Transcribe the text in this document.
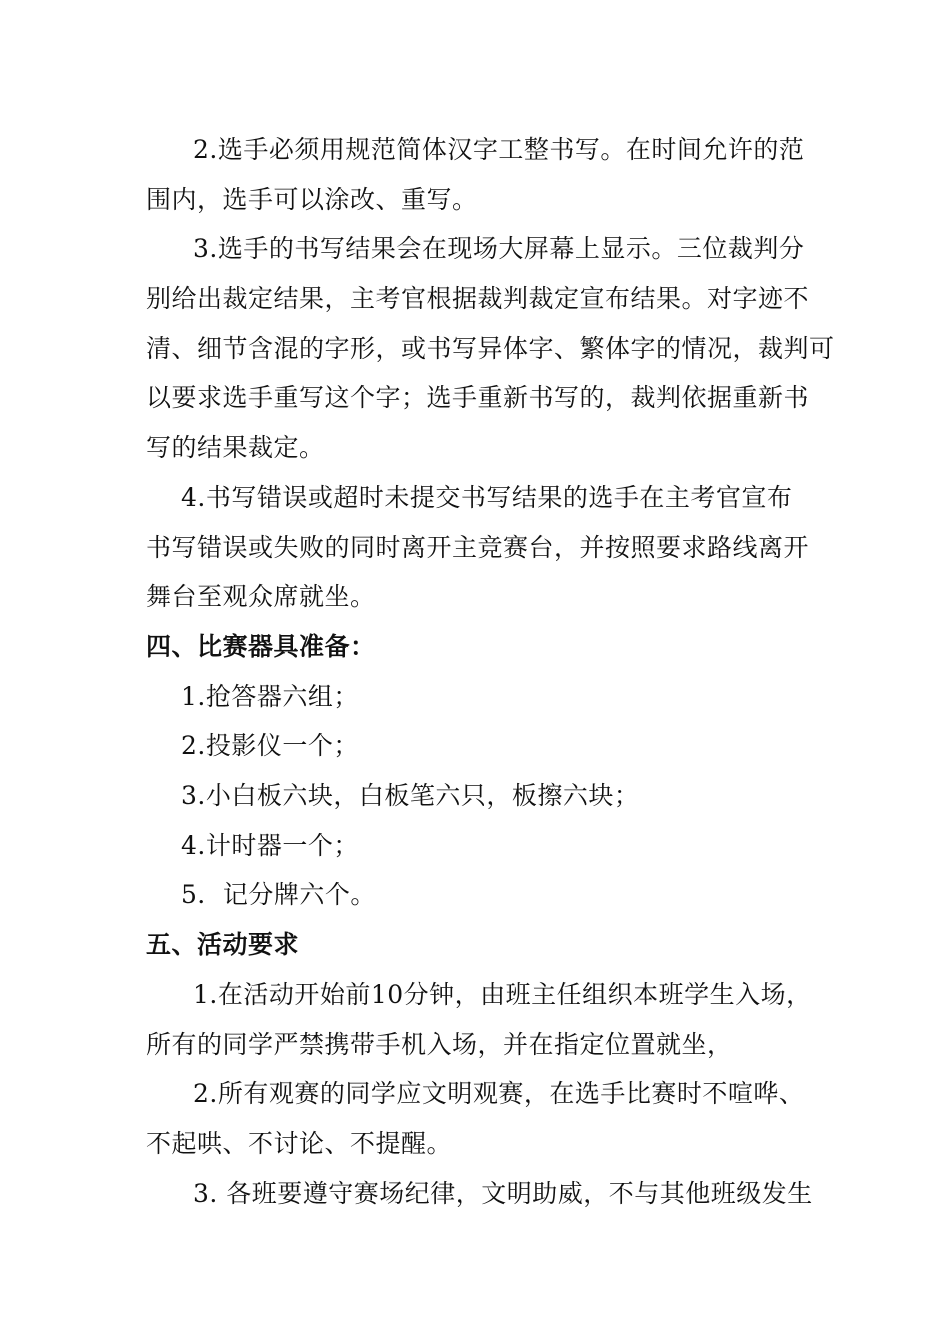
2.选手必须用规范简体汉字工整书写。在时间允许的范
围内，选手可以涂改、重写。
3.选手的书写结果会在现场大屏幕上显示。三位裁判分
别给出裁定结果，主考官根据裁判裁定宣布结果。对字迹不
清、细节含混的字形，或书写异体字、繁体字的情况，裁判可
以要求选手重写这个字；选手重新书写的，裁判依据重新书
写的结果裁定。
4.书写错误或超时未提交书写结果的选手在主考官宣布
书写错误或失败的同时离开主竞赛台，并按照要求路线离开
舞台至观众席就坐。
四、比赛器具准备：
1.抢答器六组；
2.投影仪一个；
3.小白板六块，白板笔六只，板擦六块；
4.计时器一个；
5．记分牌六个。
五、活动要求
1.在活动开始前10分钟，由班主任组织本班学生入场，
所有的同学严禁携带手机入场，并在指定位置就坐，
2.所有观赛的同学应文明观赛，在选手比赛时不喧哗、
不起哄、不讨论、不提醒。
3. 各班要遵守赛场纪律，文明助威，不与其他班级发生
